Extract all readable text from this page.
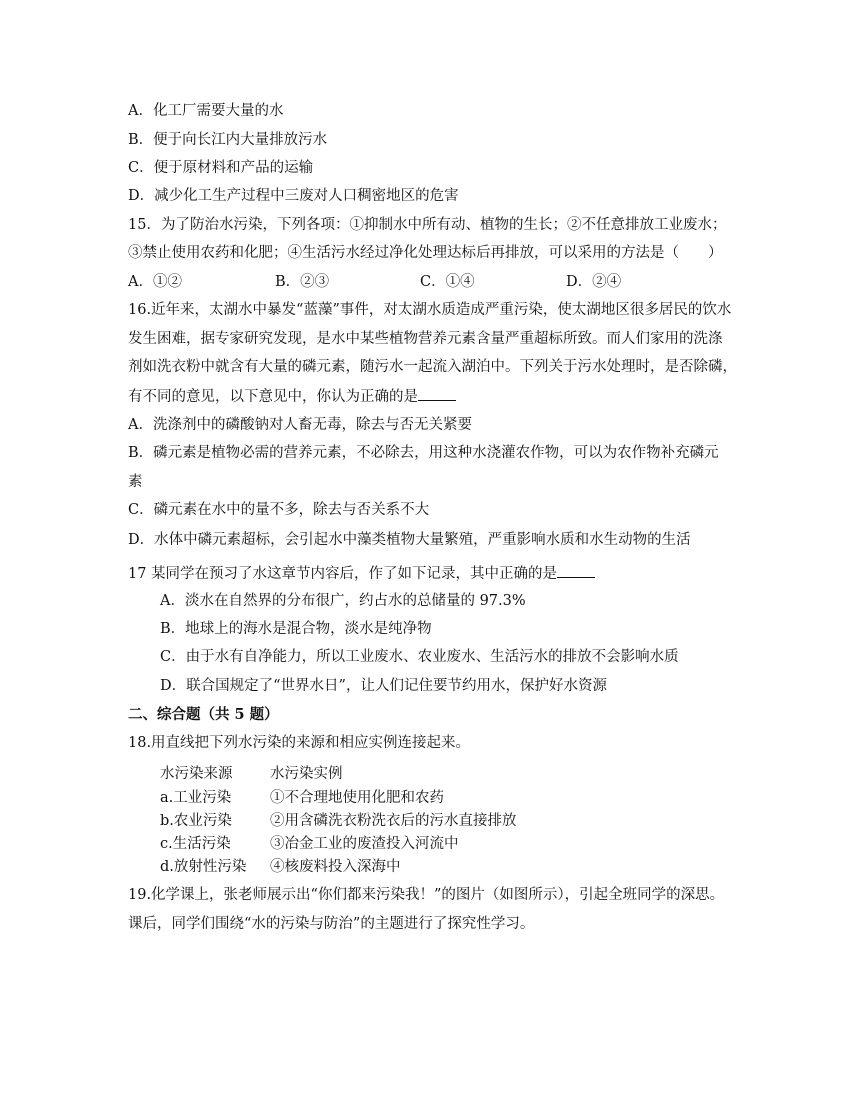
A．化工厂需要大量的水
B．便于向长江内大量排放污水
C．便于原材料和产品的运输
D．减少化工生产过程中三废对人口稠密地区的危害
15．为了防治水污染，下列各项：①抑制水中所有动、植物的生长；②不任意排放工业废水；
③禁止使用农药和化肥；④生活污水经过净化处理达标后再排放，可以采用的方法是（　　）
A．①②	B．②③	C．①④	D．②④
16.近年来，太湖水中暴发“蓝藻”事件，对太湖水质造成严重污染，使太湖地区很多居民的饮水
发生困难，据专家研究发现，是水中某些植物营养元素含量严重超标所致。而人们家用的洗涤
剂如洗衣粉中就含有大量的磷元素，随污水一起流入湖泊中。下列关于污水处理时，是否除磷，
有不同的意见，以下意见中，你认为正确的是
A．洗涤剂中的磷酸钠对人畜无毒，除去与否无关紧要
B．磷元素是植物必需的营养元素，不必除去，用这种水浇灌农作物，可以为农作物补充磷元
素
C．磷元素在水中的量不多，除去与否关系不大
D．水体中磷元素超标，会引起水中藻类植物大量繁殖，严重影响水质和水生动物的生活
17 某同学在预习了水这章节内容后，作了如下记录，其中正确的是
A．淡水在自然界的分布很广，约占水的总储量的 97.3%
B．地球上的海水是混合物，淡水是纯净物
C．由于水有自净能力，所以工业废水、农业废水、生活污水的排放不会影响水质
D．联合国规定了“世界水日”，让人们记住要节约用水，保护好水资源
二、综合题（共 5 题）
18.用直线把下列水污染的来源和相应实例连接起来。
水污染来源	水污染实例
a.工业污染	①不合理地使用化肥和农药
b.农业污染	②用含磷洗衣粉洗衣后的污水直接排放
c.生活污染	③冶金工业的废渣投入河流中
d.放射性污染 ④核废料投入深海中
19.化学课上，张老师展示出“你们都来污染我！”的图片（如图所示），引起全班同学的深思。
课后，同学们围绕“水的污染与防治”的主题进行了探究性学习。
